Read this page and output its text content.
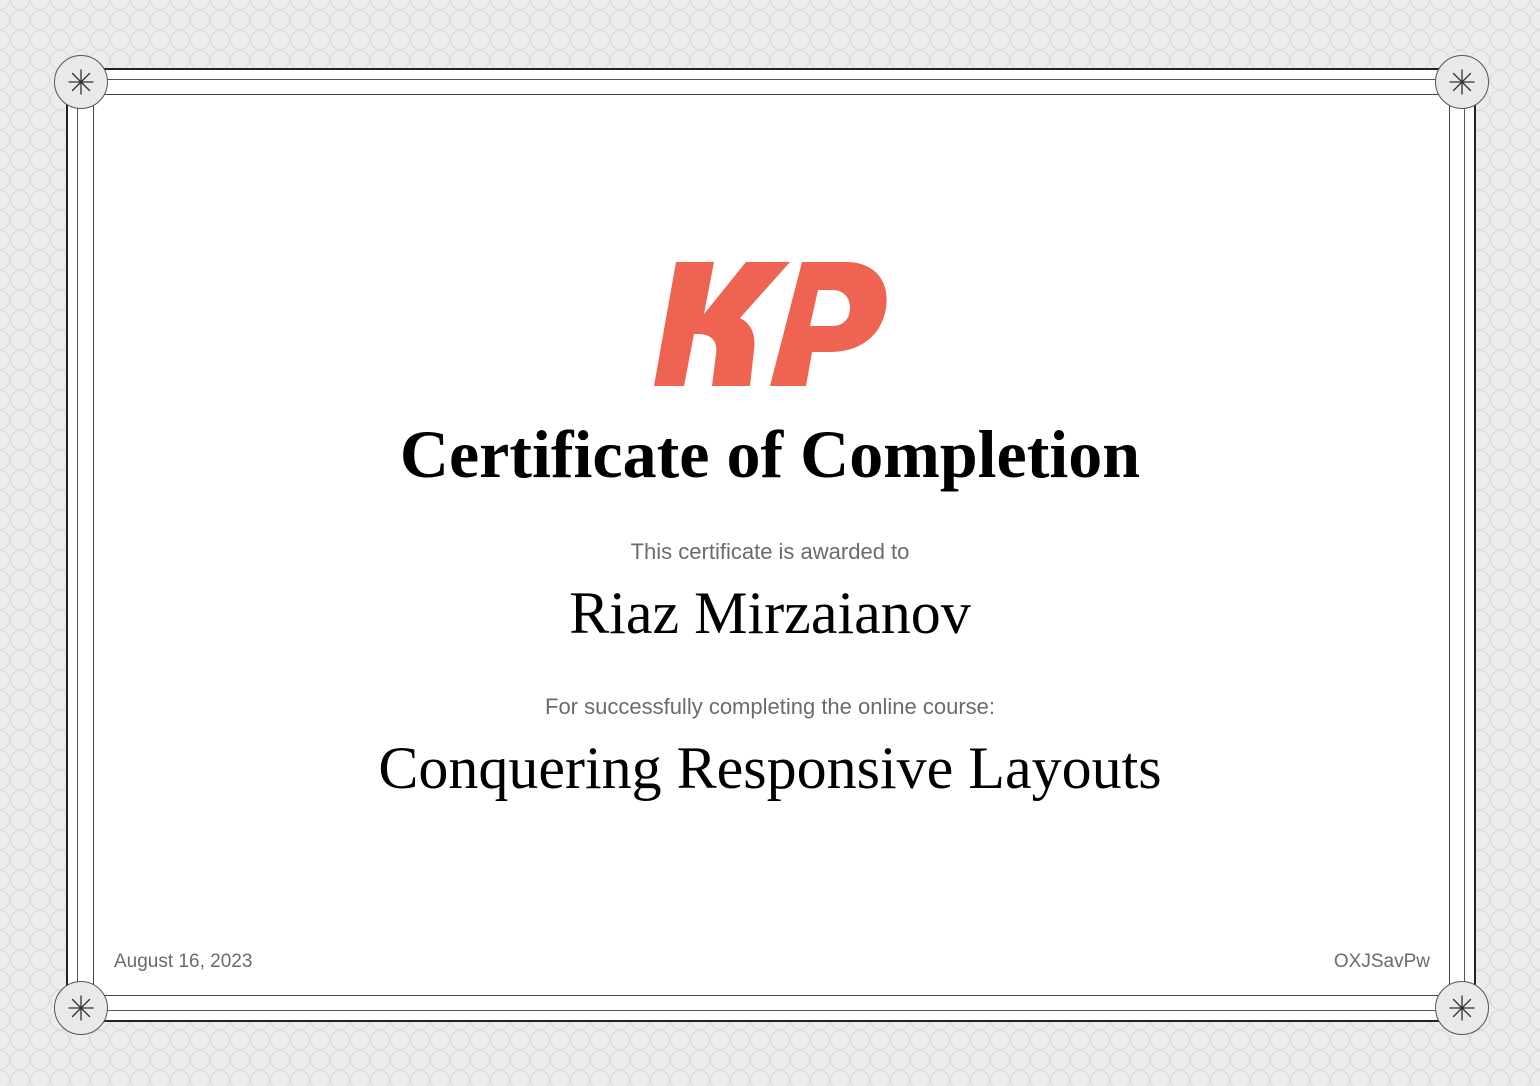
Certificate of Completion
This certificate is awarded to
Riaz Mirzaianov
For successfully completing the online course:
Conquering Responsive Layouts
August 16, 2023	OXJSavPw
